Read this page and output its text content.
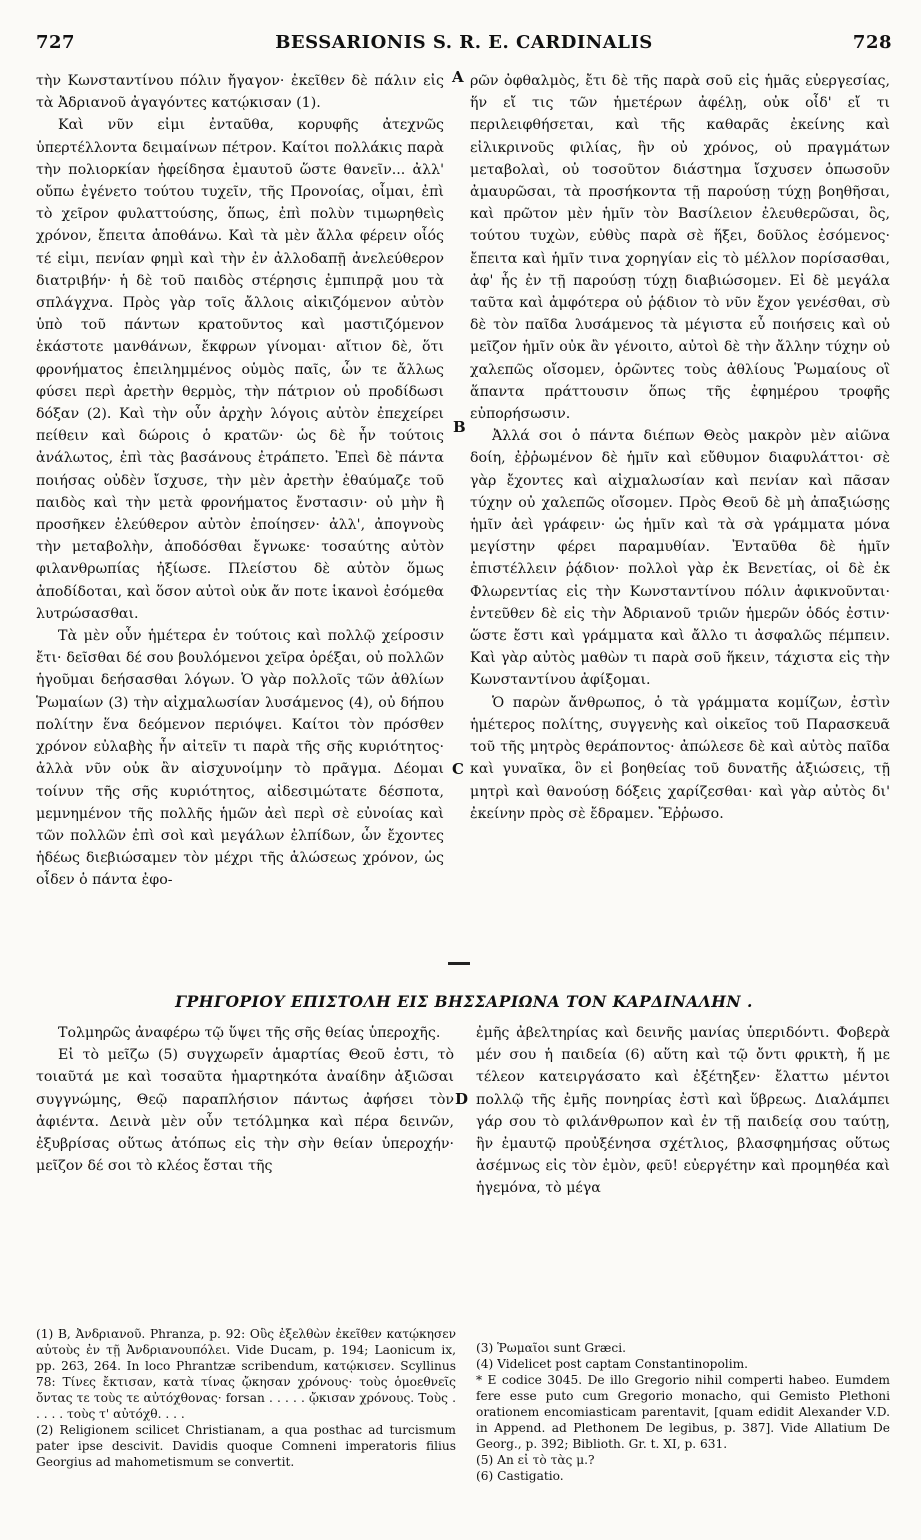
727	BESSARIONIS S. R. E. CARDINALIS	728

τὴν Κωνσταντίνου πόλιν ἤγαγον· ἐκεῖθεν δὲ πάλιν εἰς τὰ Ἀδριανοῦ ἀγαγόντες κατῴκισαν (1).

Καὶ νῦν εἰμι ἐνταῦθα, κορυφῆς ἀτεχνῶς ὑπερτέλλοντα δειμαίνων πέτρον. Καίτοι πολλάκις παρὰ τὴν πολιορκίαν ἠφείδησα ἐμαυτοῦ ὥστε θανεῖν... ἀλλ' οὔπω ἐγένετο τούτου τυχεῖν, τῆς Προνοίας, οἶμαι, ἐπὶ τὸ χεῖρον φυλαττούσης, ὅπως, ἐπὶ πολὺν τιμωρηθεὶς χρόνον, ἔπειτα ἀποθάνω. Καὶ τὰ μὲν ἄλλα φέρειν οἷός τέ εἰμι, πενίαν φημὶ καὶ τὴν ἐν ἀλλοδαπῇ ἀνελεύθερον διατριβήν· ἡ δὲ τοῦ παιδὸς στέρησις ἐμπιπρᾷ μου τὰ σπλάγχνα. Πρὸς γὰρ τοῖς ἄλλοις αἰκιζόμενον αὐτὸν ὑπὸ τοῦ πάντων κρατοῦντος καὶ μαστιζόμενον ἑκάστοτε μανθάνων, ἔκφρων γίνομαι· αἴτιον δὲ, ὅτι φρονήματος ἐπειλημμένος οὑμὸς παῖς, ὧν τε ἄλλως φύσει περὶ ἀρετὴν θερμὸς, τὴν πάτριον οὐ προδίδωσι δόξαν (2). Καὶ τὴν οὖν ἀρχὴν λόγοις αὐτὸν ἐπεχείρει πείθειν καὶ δώροις ὁ κρατῶν· ὡς δὲ ἦν τούτοις ἀνάλωτος, ἐπὶ τὰς βασάνους ἐτράπετο. Ἐπεὶ δὲ πάντα ποιήσας οὐδὲν ἴσχυσε, τὴν μὲν ἀρετὴν ἐθαύμαζε τοῦ παιδὸς καὶ τὴν μετὰ φρονήματος ἔνστασιν· οὐ μὴν ἢ προσῆκεν ἐλεύθερον αὐτὸν ἐποίησεν· ἀλλ', ἀπογνοὺς τὴν μεταβολὴν, ἀποδόσθαι ἔγνωκε· τοσαύτης αὐτὸν φιλανθρωπίας ἠξίωσε. Πλείστου δὲ αὐτὸν ὅμως ἀποδίδοται, καὶ ὅσον αὐτοὶ οὐκ ἄν ποτε ἱκανοὶ ἐσόμεθα λυτρώσασθαι.

Τὰ μὲν οὖν ἡμέτερα ἐν τούτοις καὶ πολλῷ χείροσιν ἔτι· δεῖσθαι δέ σου βουλόμενοι χεῖρα ὀρέξαι, οὐ πολλῶν ἡγοῦμαι δεήσασθαι λόγων. Ὁ γὰρ πολλοῖς τῶν ἀθλίων Ῥωμαίων (3) τὴν αἰχμαλωσίαν λυσάμενος (4), οὐ δήπου πολίτην ἕνα δεόμενον περιόψει. Καίτοι τὸν πρόσθεν χρόνον εὐλαβὴς ἦν αἰτεῖν τι παρὰ τῆς σῆς κυριότητος· ἀλλὰ νῦν οὐκ ἂν αἰσχυνοίμην τὸ πρᾶγμα. Δέομαι τοίνυν τῆς σῆς κυριότητος, αἰδεσιμώτατε δέσποτα, μεμνημένον τῆς πολλῆς ἡμῶν ἀεὶ περὶ σὲ εὐνοίας καὶ τῶν πολλῶν ἐπὶ σοὶ καὶ μεγάλων ἐλπίδων, ὧν ἔχοντες ἡδέως διεβιώσαμεν τὸν μέχρι τῆς ἁλώσεως χρόνον, ὡς οἶδεν ὁ πάντα ἐφο-

A
B
C

ρῶν ὀφθαλμὸς, ἔτι δὲ τῆς παρὰ σοῦ εἰς ἡμᾶς εὐεργεσίας, ἥν εἴ τις τῶν ἡμετέρων ἀφέλῃ, οὐκ οἶδ' εἴ τι περιλειφθήσεται, καὶ τῆς καθαρᾶς ἐκείνης καὶ εἰλικρινοῦς φιλίας, ἣν οὐ χρόνος, οὐ πραγμάτων μεταβολαὶ, οὐ τοσοῦτον διάστημα ἴσχυσεν ὁπωσοῦν ἀμαυρῶσαι, τὰ προσήκοντα τῇ παρούσῃ τύχῃ βοηθῆσαι, καὶ πρῶτον μὲν ἡμῖν τὸν Βασίλειον ἐλευθερῶσαι, ὃς, τούτου τυχὼν, εὐθὺς παρὰ σὲ ἥξει, δοῦλος ἐσόμενος· ἔπειτα καὶ ἡμῖν τινα χορηγίαν εἰς τὸ μέλλον πορίσασθαι, ἀφ' ἧς ἐν τῇ παρούσῃ τύχῃ διαβιώσομεν. Εἰ δὲ μεγάλα ταῦτα καὶ ἀμφότερα οὐ ῥᾴδιον τὸ νῦν ἔχον γενέσθαι, σὺ δὲ τὸν παῖδα λυσάμενος τὰ μέγιστα εὖ ποιήσεις καὶ οὐ μεῖζον ἡμῖν οὐκ ἂν γένοιτο, αὐτοὶ δὲ τὴν ἄλλην τύχην οὐ χαλεπῶς οἴσομεν, ὁρῶντες τοὺς ἀθλίους Ῥωμαίους οἳ ἅπαντα πράττουσιν ὅπως τῆς ἐφημέρου τροφῆς εὐπορήσωσιν.

Ἀλλά σοι ὁ πάντα διέπων Θεὸς μακρὸν μὲν αἰῶνα δοίη, ἐῤῥωμένον δὲ ἡμῖν καὶ εὔθυμον διαφυλάττοι· σὲ γὰρ ἔχοντες καὶ αἰχμαλωσίαν καὶ πενίαν καὶ πᾶσαν τύχην οὐ χαλεπῶς οἴσομεν. Πρὸς Θεοῦ δὲ μὴ ἀπαξιώσῃς ἡμῖν ἀεὶ γράφειν· ὡς ἡμῖν καὶ τὰ σὰ γράμματα μόνα μεγίστην φέρει παραμυθίαν. Ἐνταῦθα δὲ ἡμῖν ἐπιστέλλειν ῥᾴδιον· πολλοὶ γὰρ ἐκ Βενετίας, οἱ δὲ ἐκ Φλωρεντίας εἰς τὴν Κωνσταντίνου πόλιν ἀφικνοῦνται· ἐντεῦθεν δὲ εἰς τὴν Ἀδριανοῦ τριῶν ἡμερῶν ὁδός ἐστιν· ὥστε ἔστι καὶ γράμματα καὶ ἄλλο τι ἀσφαλῶς πέμπειν. Καὶ γὰρ αὐτὸς μαθὼν τι παρὰ σοῦ ἥκειν, τάχιστα εἰς τὴν Κωνσταντίνου ἀφίξομαι.

Ὁ παρὼν ἄνθρωπος, ὁ τὰ γράμματα κομίζων, ἐστὶν ἡμέτερος πολίτης, συγγενὴς καὶ οἰκεῖος τοῦ Παρασκευᾶ τοῦ τῆς μητρὸς θεράποντος· ἀπώλεσε δὲ καὶ αὐτὸς παῖδα καὶ γυναῖκα, ὃν εἰ βοηθείας τοῦ δυνατῆς ἀξιώσεις, τῇ μητρὶ καὶ θανούσῃ δόξεις χαρίζεσθαι· καὶ γὰρ αὐτὸς δι' ἐκείνην πρὸς σὲ ἔδραμεν. Ἔῤῥωσο.

ΓΡΗΓΟΡΙΟΥ ΕΠΙΣΤΟΛΗ ΕΙΣ ΒΗΣΣΑΡΙΩΝΑ ΤΟΝ ΚΑΡΔΙΝΑΛΗΝ .

Τολμηρῶς ἀναφέρω τῷ ὕψει τῆς σῆς θείας ὑπεροχῆς.

Εἰ τὸ μεῖζω (5) συγχωρεῖν ἁμαρτίας Θεοῦ ἐστι, τὸ τοιαῦτά με καὶ τοσαῦτα ἡμαρτηκότα ἀναίδην ἀξιῶσαι συγγνώμης, Θεῷ παραπλήσιον πάντως ἀφήσει τὸν ἀφιέντα. Δεινὰ μὲν οὖν τετόλμηκα καὶ πέρα δεινῶν, ἐξυβρίσας οὕτως ἀτόπως εἰς τὴν σὴν θείαν ὑπεροχήν· μεῖζον δέ σοι τὸ κλέος ἔσται τῆς

D

ἐμῆς ἀβελτηρίας καὶ δεινῆς μανίας ὑπεριδόντι. Φοβερὰ μέν σου ἡ παιδεία (6) αὕτη καὶ τῷ ὄντι φρικτὴ, ἥ με τέλεον κατειργάσατο καὶ ἐξέτηξεν· ἔλαττω μέντοι πολλῷ τῆς ἐμῆς πονηρίας ἐστὶ καὶ ὕβρεως. Διαλάμπει γάρ σου τὸ φιλάνθρωπον καὶ ἐν τῇ παιδείᾳ σου ταύτῃ, ἣν ἐμαυτῷ προὐξένησα σχέτλιος, βλασφημήσας οὕτως ἀσέμνως εἰς τὸν ἐμὸν, φεῦ! εὐεργέτην καὶ προμηθέα καὶ ἡγεμόνα, τὸ μέγα

(1) B, Ἀνδριανοῦ. Phranza, p. 92: Οὓς ἐξελθὼν ἐκεῖθεν κατῴκησεν αὐτοὺς ἐν τῇ Ἀνδριανουπόλει. Vide Ducam, p. 194; Laonicum ix, pp. 263, 264. In loco Phrantzæ scribendum, κατῴκισεν. Scyllinus 78: Τίνες ἔκτισαν, κατὰ τίνας ᾤκησαν χρόνους· τοὺς ὁμοεθνεῖς ὄντας τε τοὺς τε αὐτόχθονας· forsan . . . . . ᾤκισαν χρόνους. Τοὺς . . . . . τοὺς τ' αὐτόχθ. . . .

(2) Religionem scilicet Christianam, a qua posthac ad turcismum pater ipse descivit. Davidis quoque Comneni imperatoris filius Georgius ad mahometismum se convertit.

(3) Ῥωμαῖοι sunt Græci.

(4) Videlicet post captam Constantinopolim.

* E codice 3045. De illo Gregorio nihil comperti habeo. Eumdem fere esse puto cum Gregorio monacho, qui Gemisto Plethoni orationem encomiasticam parentavit, [quam edidit Alexander V.D. in Append. ad Plethonem De legibus, p. 387]. Vide Allatium De Georg., p. 392; Biblioth. Gr. t. XI, p. 631.

(5) An εἰ τὸ τὰς μ.?

(6) Castigatio.
